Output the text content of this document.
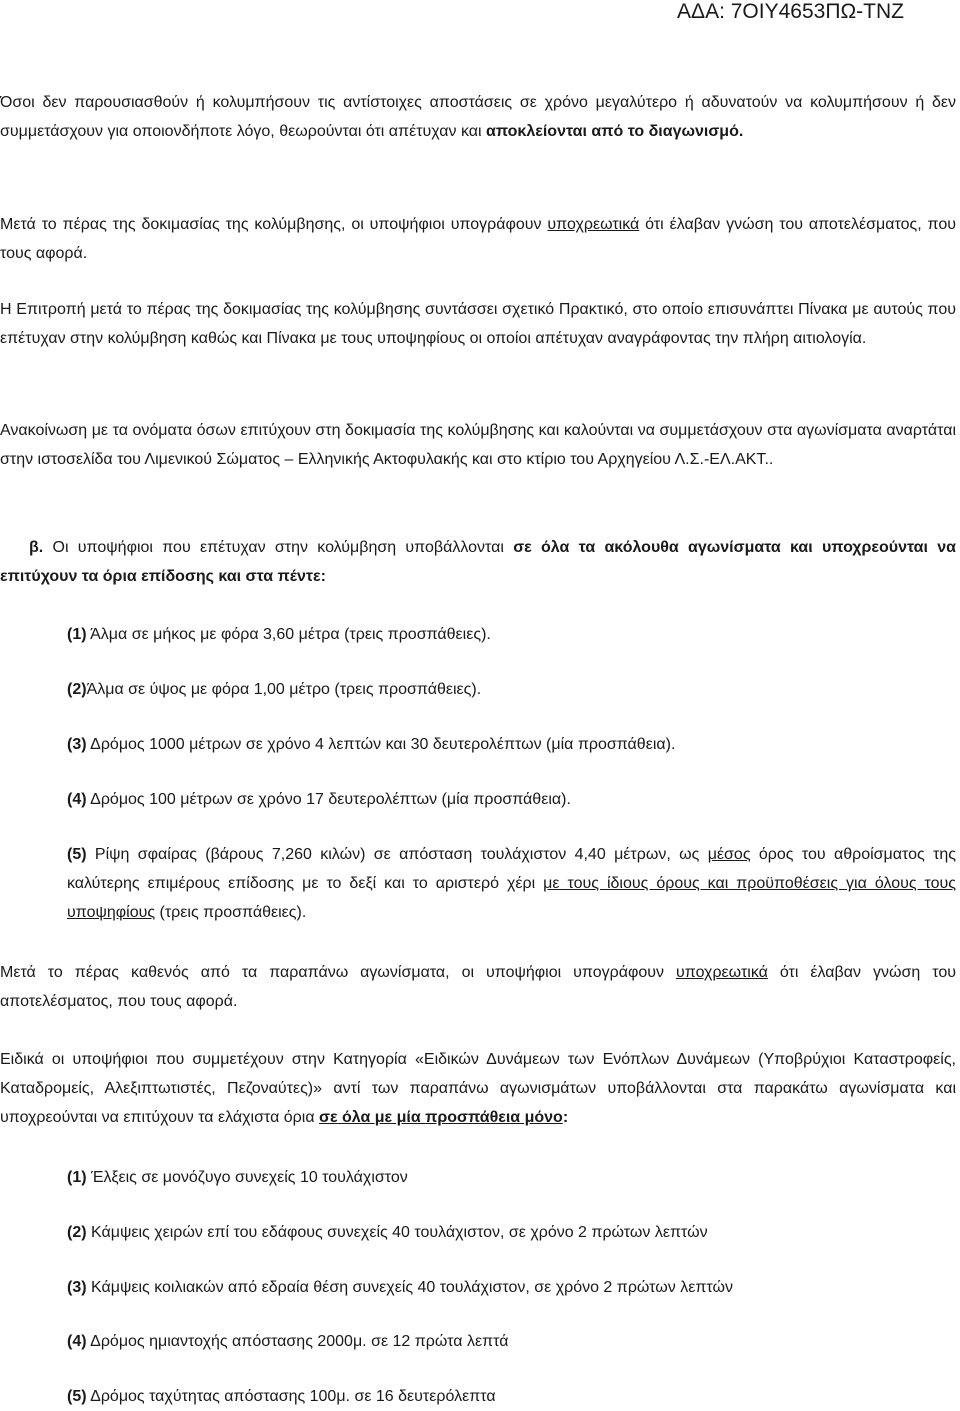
ΑΔΑ: 7ΟΙΥ4653ΠΩ-ΤΝΖ

Όσοι δεν παρουσιασθούν ή κολυμπήσουν τις αντίστοιχες αποστάσεις σε χρόνο μεγαλύτερο ή αδυνατούν να κολυμπήσουν ή δεν συμμετάσχουν για οποιονδήποτε λόγο, θεωρούνται ότι απέτυχαν και αποκλείονται από το διαγωνισμό.

Μετά το πέρας της δοκιμασίας της κολύμβησης, οι υποψήφιοι υπογράφουν υποχρεωτικά ότι έλαβαν γνώση του αποτελέσματος, που τους αφορά.

Η Επιτροπή μετά το πέρας της δοκιμασίας της κολύμβησης συντάσσει σχετικό Πρακτικό, στο οποίο επισυνάπτει Πίνακα με αυτούς που επέτυχαν στην κολύμβηση καθώς και Πίνακα με τους υποψηφίους οι οποίοι απέτυχαν αναγράφοντας την πλήρη αιτιολογία.

Ανακοίνωση με τα ονόματα όσων επιτύχουν στη δοκιμασία της κολύμβησης και καλούνται να συμμετάσχουν στα αγωνίσματα αναρτάται στην ιστοσελίδα του Λιμενικού Σώματος – Ελληνικής Ακτοφυλακής και στο κτίριο του Αρχηγείου Λ.Σ.-ΕΛ.ΑΚΤ..

β. Οι υποψήφιοι που επέτυχαν στην κολύμβηση υποβάλλονται σε όλα τα ακόλουθα αγωνίσματα και υποχρεούνται να επιτύχουν τα όρια επίδοσης και στα πέντε:

(1) Άλμα σε μήκος με φόρα 3,60 μέτρα (τρεις προσπάθειες).

(2)Άλμα σε ύψος με φόρα 1,00 μέτρο (τρεις προσπάθειες).

(3) Δρόμος 1000 μέτρων σε χρόνο 4 λεπτών και 30 δευτερολέπτων (μία προσπάθεια).

(4) Δρόμος 100 μέτρων σε χρόνο 17 δευτερολέπτων (μία προσπάθεια).

(5) Ρίψη σφαίρας (βάρους 7,260 κιλών) σε απόσταση τουλάχιστον 4,40 μέτρων, ως μέσος όρος του αθροίσματος της καλύτερης επιμέρους επίδοσης με το δεξί και το αριστερό χέρι με τους ίδιους όρους και προϋποθέσεις για όλους τους υποψηφίους (τρεις προσπάθειες).

Μετά το πέρας καθενός από τα παραπάνω αγωνίσματα, οι υποψήφιοι υπογράφουν υποχρεωτικά ότι έλαβαν γνώση του αποτελέσματος, που τους αφορά.

Ειδικά οι υποψήφιοι που συμμετέχουν στην Κατηγορία «Ειδικών Δυνάμεων των Ενόπλων Δυνάμεων (Υποβρύχιοι Καταστροφείς, Καταδρομείς, Αλεξιπτωτιστές, Πεζοναύτες)» αντί των παραπάνω αγωνισμάτων υποβάλλονται στα παρακάτω αγωνίσματα και υποχρεούνται να επιτύχουν τα ελάχιστα όρια σε όλα με μία προσπάθεια μόνο:

(1) Έλξεις σε μονόζυγο συνεχείς 10 τουλάχιστον

(2) Κάμψεις χειρών επί του εδάφους συνεχείς 40 τουλάχιστον, σε χρόνο 2 πρώτων λεπτών

(3) Κάμψεις κοιλιακών από εδραία θέση συνεχείς 40 τουλάχιστον, σε χρόνο 2 πρώτων λεπτών

(4) Δρόμος ημιαντοχής απόστασης 2000μ. σε 12 πρώτα λεπτά

(5) Δρόμος ταχύτητας απόστασης 100μ. σε 16 δευτερόλεπτα
